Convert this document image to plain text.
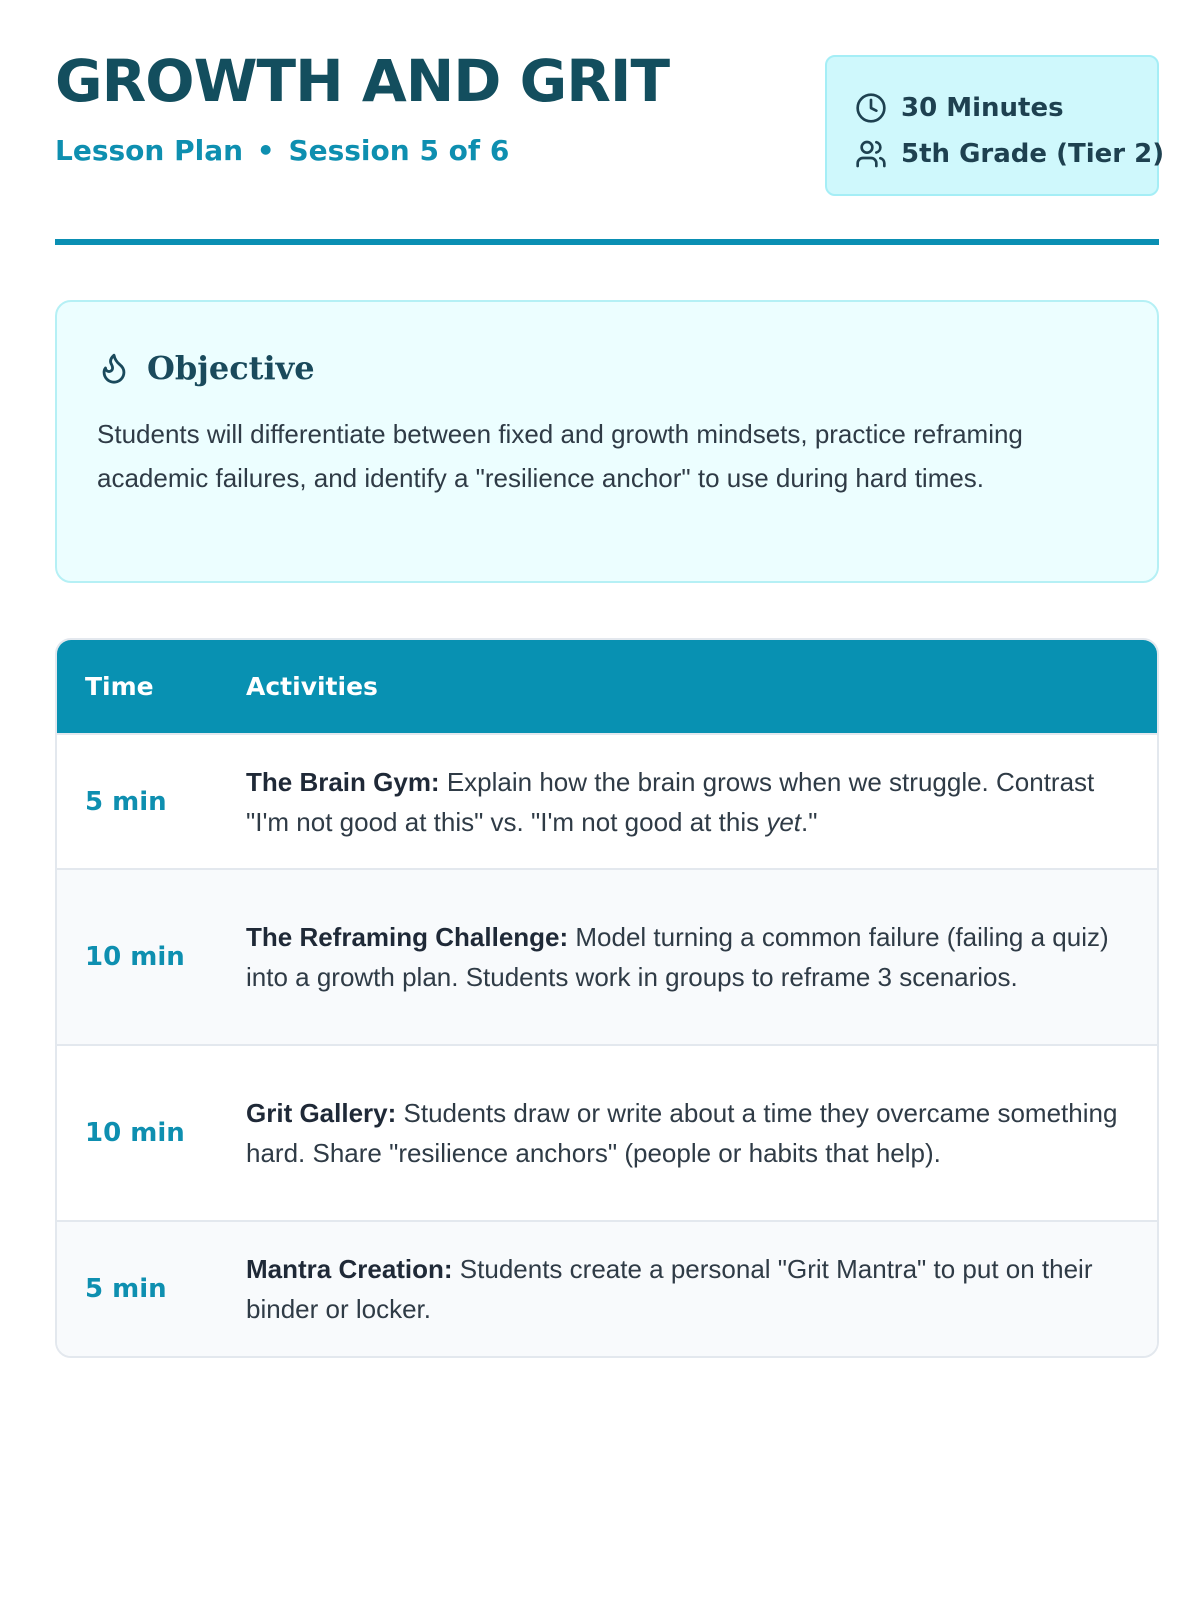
GROWTH AND GRIT
Lesson Plan • Session 5 of 6
30 Minutes
5th Grade (Tier 2)
Objective

Students will differentiate between fixed and growth mindsets, practice reframing academic failures, and identify a "resilience anchor" to use during hard times.

Time	Activities
5 min	The Brain Gym: Explain how the brain grows when we struggle. Contrast "I'm not good at this" vs. "I'm not good at this yet."
10 min	The Reframing Challenge: Model turning a common failure (failing a quiz) into a growth plan. Students work in groups to reframe 3 scenarios.
10 min	Grit Gallery: Students draw or write about a time they overcame something hard. Share "resilience anchors" (people or habits that help).
5 min	Mantra Creation: Students create a personal "Grit Mantra" to put on their binder or locker.
